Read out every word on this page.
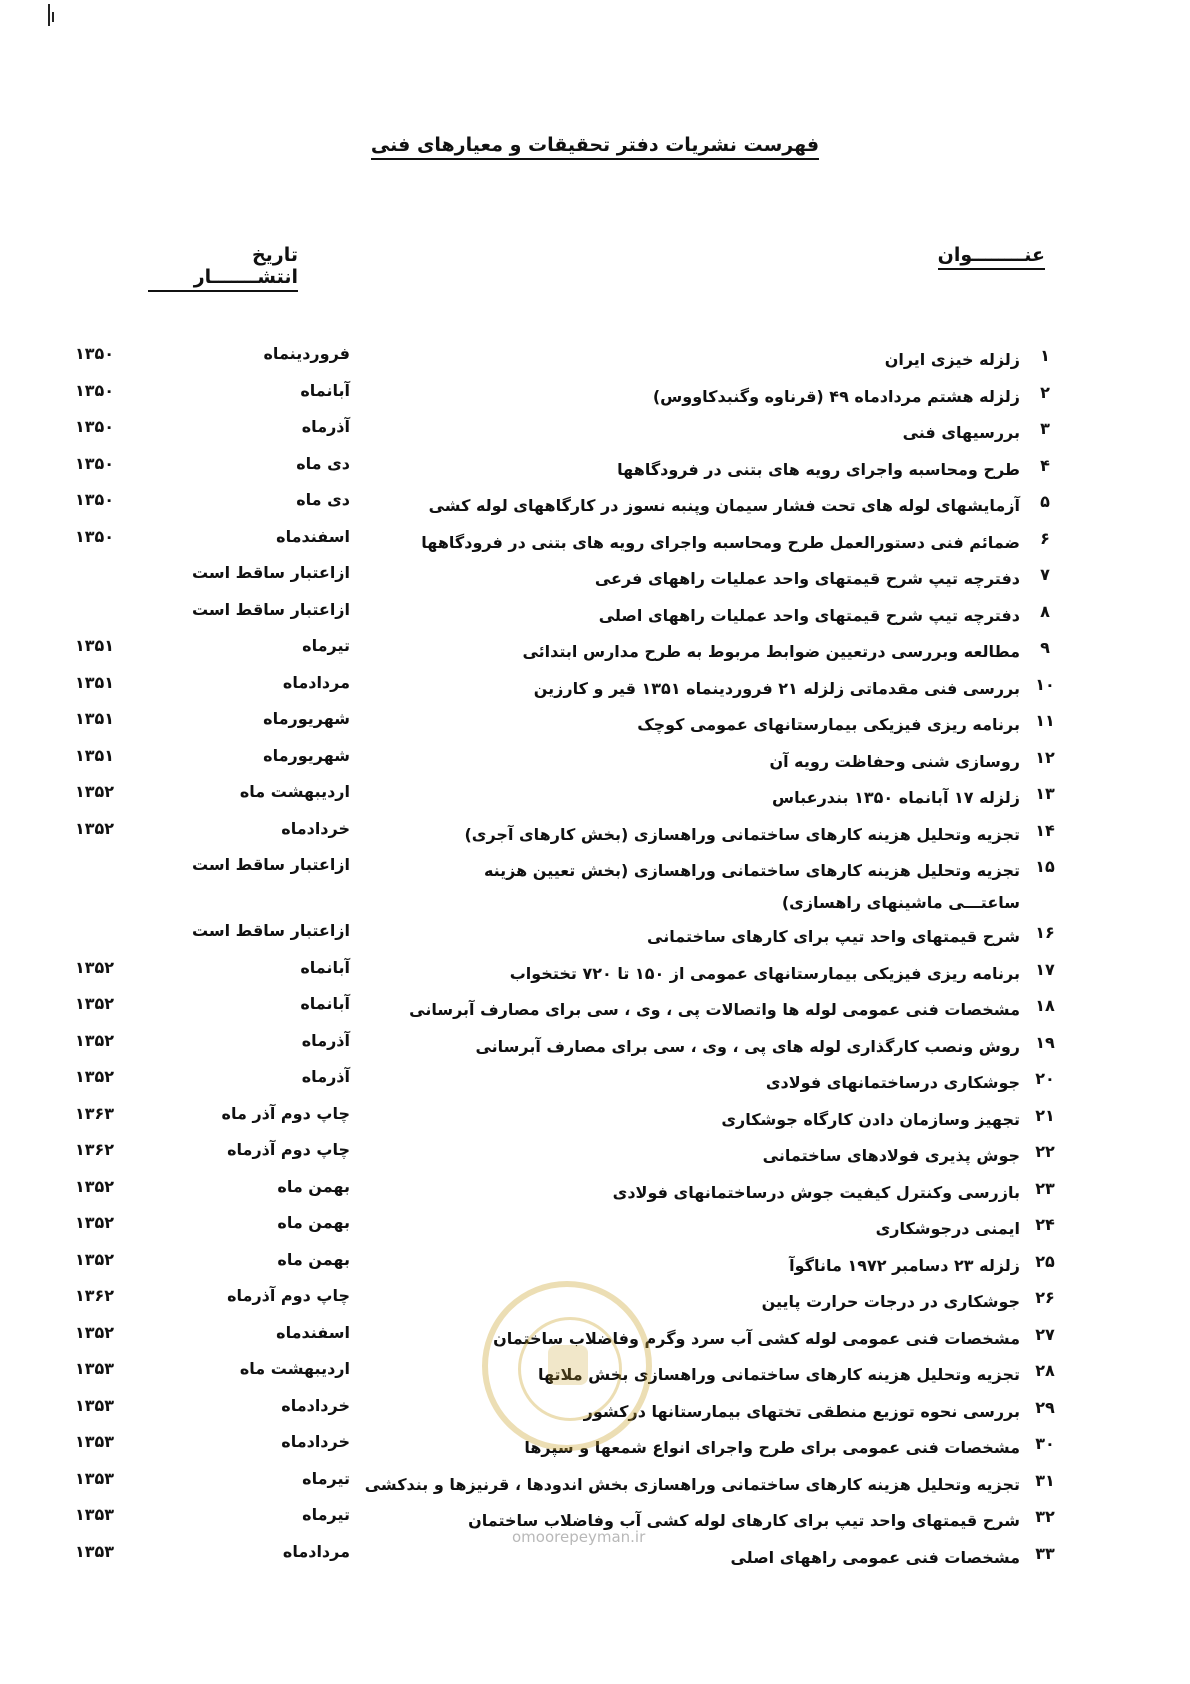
فهرست نشریات دفتر تحقیقات و معیارهای فنی
عنــــــــوان
تاریخ انتشـــــــار
۱
زلزله خیزی ایران
فروردینماه
۱۳۵۰
۲
زلزله هشتم مردادماه ۴۹ (قرناوه وگنبدکاووس)
آبانماه
۱۳۵۰
۳
بررسیهای فنی
آذرماه
۱۳۵۰
۴
طرح ومحاسبه واجرای رویه های بتنی در فرودگاهها
دی ماه
۱۳۵۰
۵
آزمایشهای لوله های تحت فشار سیمان وپنبه نسوز در کارگاههای لوله کشی
دی ماه
۱۳۵۰
۶
ضمائم فنی دستورالعمل طرح ومحاسبه واجرای رویه های بتنی در فرودگاهها
اسفندماه
۱۳۵۰
۷
دفترچه تیپ شرح قیمتهای واحد عملیات راههای فرعی
ازاعتبار ساقط است
۸
دفترچه تیپ شرح قیمتهای واحد عملیات راههای اصلی
ازاعتبار ساقط است
۹
مطالعه وبررسی درتعیین ضوابط مربوط به طرح مدارس ابتدائی
تیرماه
۱۳۵۱
۱۰
بررسی فنی مقدماتی زلزله ۲۱ فروردینماه ۱۳۵۱ قیر و کارزین
مردادماه
۱۳۵۱
۱۱
برنامه ریزی فیزیکی بیمارستانهای عمومی کوچک
شهریورماه
۱۳۵۱
۱۲
روسازی شنی وحفاظت رویه آن
شهریورماه
۱۳۵۱
۱۳
زلزله ۱۷ آبانماه ۱۳۵۰ بندرعباس
اردیبهشت ماه
۱۳۵۲
۱۴
تجزیه وتحلیل هزینه کارهای ساختمانی وراهسازی (بخش کارهای آجری)
خردادماه
۱۳۵۲
۱۵
تجزیه وتحلیل هزینه کارهای ساختمانی وراهسازی (بخش تعیین هزینه ساعتـــی ماشینهای راهسازی)
ازاعتبار ساقط است
۱۶
شرح قیمتهای واحد تیپ برای کارهای ساختمانی
ازاعتبار ساقط است
۱۷
برنامه ریزی فیزیکی بیمارستانهای عمومی از ۱۵۰ تا ۷۲۰ تختخواب
آبانماه
۱۳۵۲
۱۸
مشخصات فنی عمومی لوله ها واتصالات پی ، وی ، سی برای مصارف آبرسانی
آبانماه
۱۳۵۲
۱۹
روش ونصب کارگذاری لوله های پی ، وی ، سی برای مصارف آبرسانی
آذرماه
۱۳۵۲
۲۰
جوشکاری درساختمانهای فولادی
آذرماه
۱۳۵۲
۲۱
تجهیز وسازمان دادن کارگاه جوشکاری
چاپ دوم آذر ماه
۱۳۶۳
۲۲
جوش پذیری فولادهای ساختمانی
چاپ دوم آذرماه
۱۳۶۲
۲۳
بازرسی وکنترل کیفیت جوش درساختمانهای فولادی
بهمن ماه
۱۳۵۲
۲۴
ایمنی درجوشکاری
بهمن ماه
۱۳۵۲
۲۵
زلزله ۲۳ دسامبر ۱۹۷۲ ماناگوآ
بهمن ماه
۱۳۵۲
۲۶
جوشکاری در درجات حرارت پایین
چاپ دوم آذرماه
۱۳۶۲
۲۷
مشخصات فنی عمومی لوله کشی آب سرد وگرم وفاضلاب ساختمان
اسفندماه
۱۳۵۲
۲۸
تجزیه وتحلیل هزینه کارهای ساختمانی وراهسازی بخش ملاتها
اردیبهشت ماه
۱۳۵۳
۲۹
بررسی نحوه توزیع منطقی تختهای بیمارستانها درکشور
خردادماه
۱۳۵۳
۳۰
مشخصات فنی عمومی برای طرح واجرای انواع شمعها و سپرها
خردادماه
۱۳۵۳
۳۱
تجزیه وتحلیل هزینه کارهای ساختمانی وراهسازی بخش اندودها ، قرنیزها و بندکشی
تیرماه
۱۳۵۳
۳۲
شرح قیمتهای واحد تیپ برای کارهای لوله کشی آب وفاضلاب ساختمان
تیرماه
۱۳۵۳
۳۳
مشخصات فنی عمومی راههای اصلی
مردادماه
۱۳۵۳
omoorepeyman.ir
